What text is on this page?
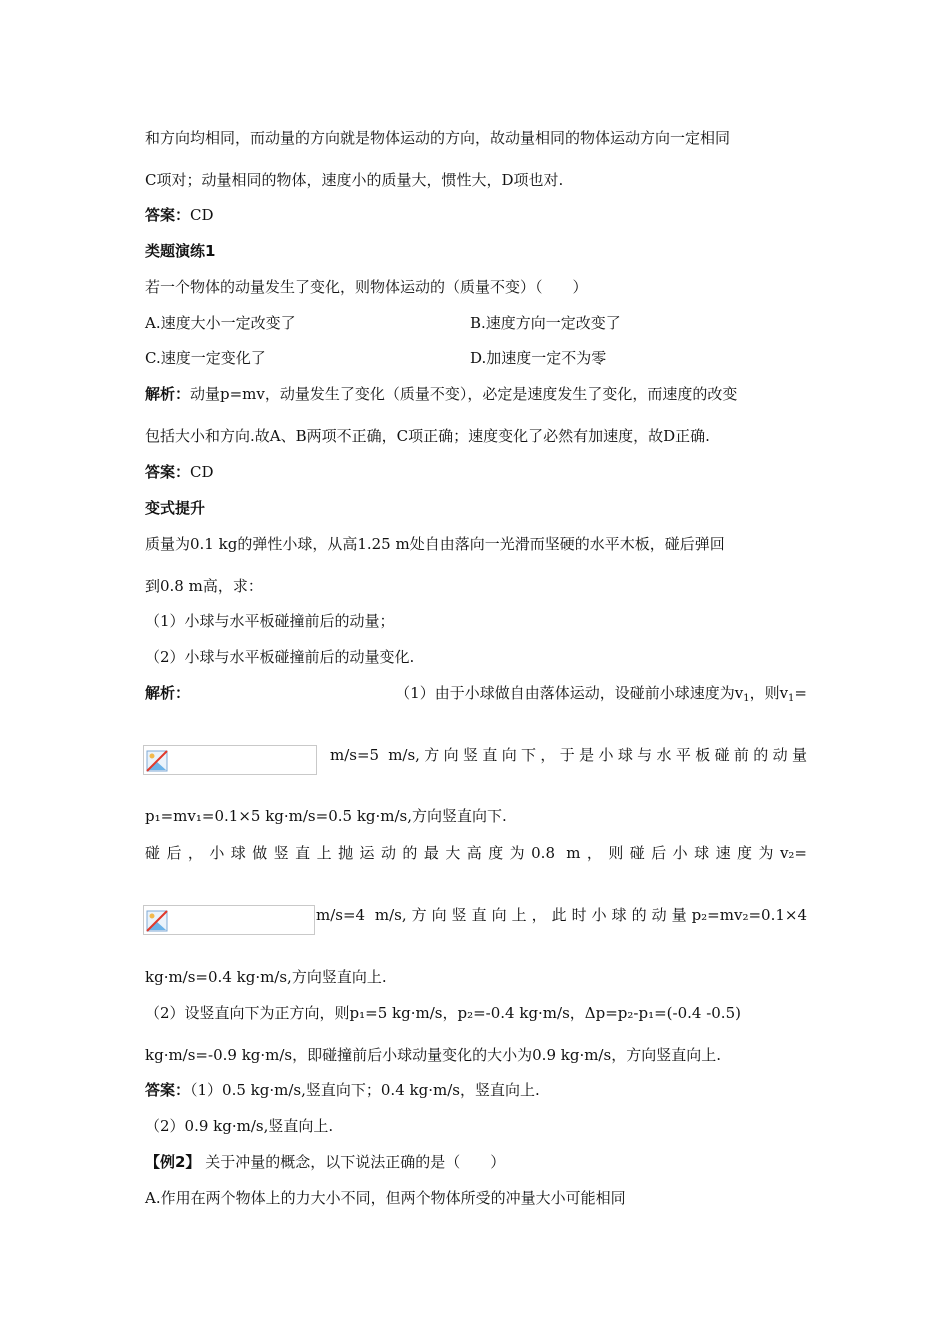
和方向均相同，而动量的方向就是物体运动的方向，故动量相同的物体运动方向一定相同
C项对；动量相同的物体，速度小的质量大，惯性大，D项也对.
答案：CD
类题演练1
若一个物体的动量发生了变化，则物体运动的（质量不变）（　　）
A.速度大小一定改变了	B.速度方向一定改变了
C.速度一定变化了	D.加速度一定不为零
解析：动量p=mv，动量发生了变化（质量不变），必定是速度发生了变化，而速度的改变
包括大小和方向.故A、B两项不正确，C项正确；速度变化了必然有加速度，故D正确.
答案：CD
变式提升
质量为0.1 kg的弹性小球，从高1.25 m处自由落向一光滑而坚硬的水平木板，碰后弹回
到0.8 m高，求：
（1）小球与水平板碰撞前后的动量；
（2）小球与水平板碰撞前后的动量变化.
解析：	（1）由于小球做自由落体运动，设碰前小球速度为$v_1$，则$v_1=$
m/s=5 m/s,方向竖直向下，于是小球与水平板碰前的动量
p₁=mv₁=0.1×5 kg·m/s=0.5 kg·m/s,方向竖直向下.
碰后，小球做竖直上抛运动的最大高度为0.8 m，则碰后小球速度为v₂=
m/s=4 m/s,方向竖直向上，此时小球的动量p₂=mv₂=0.1×4
kg·m/s=0.4 kg·m/s,方向竖直向上.
（2）设竖直向下为正方向，则p₁=5 kg·m/s，p₂=-0.4 kg·m/s，Δp=p₂-p₁=(-0.4 -0.5)
kg·m/s=-0.9 kg·m/s，即碰撞前后小球动量变化的大小为0.9 kg·m/s，方向竖直向上.
答案：（1）0.5 kg·m/s,竖直向下；0.4 kg·m/s，竖直向上.
（2）0.9 kg·m/s,竖直向上.
【例2】 关于冲量的概念，以下说法正确的是（　　）
A.作用在两个物体上的力大小不同，但两个物体所受的冲量大小可能相同
